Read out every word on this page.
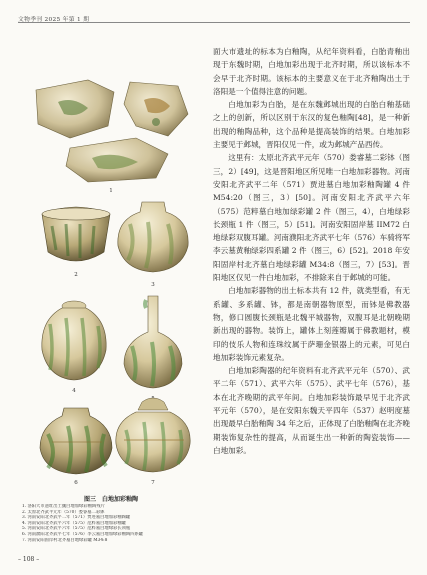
文物季刊 2025 年第 1 期
1
2
3
4
6	7
图三　白地加彩釉陶
1. 洛阳大市遗址出土魏白地加绿彩釉陶残片
2. 太原北齐武平元年（570）娄睿墓二彩钵
3. 河南安阳北齐武平二年（571）贾进墓白地加彩釉陶罐
4. 河南安阳北齐武平六年（575）范粹墓白地加彩釉罐
5. 河南安阳北齐武平六年（575）范粹墓白地绿彩长颈瓶
6. 河南濮阳北齐武平七年（576）李云墓白地加绿彩釉陶四系罐
7. 河南安阳固岸村北齐墓白地绿彩罐 M34:8

面大市遗址的标本为白釉陶，从纪年资料看，白胎青釉出现于东魏时期，白地加彩出现于北齐时期，所以该标本不会早于北齐时期。该标本的主要意义在于北齐釉陶出土于洛阳是一个值得注意的问题。

白地加彩为白胎，是在东魏邺城出现的白胎白釉基础之上的创新，所以区别于东汉的复色釉陶[48]，是一种新出现的釉陶品种，这个品种是提高装饰的结果。白地加彩主要见于邺城，晋阳仅见一件，或为邺城产品西传。

这里有：太原北齐武平元年（570）娄睿墓二彩钵（图三，2）[49]，这是晋阳地区所见唯一白地加彩器物。河南安阳北齐武平二年（571）贾进墓白地加彩釉陶罐 4 件 M54:20（图三，3）[50]。河南安阳北齐武平六年（575）范粹墓白地加绿彩罐 2 件（图三，4），白地绿彩长颈瓶 1 件（图三，5）[51]。河南安阳固岸墓 IIM72 白地绿彩双腹耳罐。河南濮阳北齐武平七年（576）车骑将军李云墓黄釉绿彩四系罐 2 件（图三，6）[52]。2018 年安阳固岸村北齐墓白地绿彩罐 M34:8（图三，7）[53]。晋阳地区仅见一件白地加彩，不排除来自于邺城的可能。

白地加彩器物的出土标本共有 12 件，就类型看，有无系罐、多系罐、钵，都是南朝器物原型，而钵是佛教器物，修口圆腹长颈瓶是北魏平城器物，双腹耳是北朝晚期新出现的器物。装饰上，罐体上刻莲瓣属于佛教题材，模印的伎乐人物和连珠纹属于萨珊金银器上的元素，可见白地加彩装饰元素复杂。

白地加彩陶器的纪年资料有北齐武平元年（570）、武平二年（571）、武平六年（575）、武平七年（576），基本在北齐晚期的武平年间。白地加彩装饰最早见于北齐武平元年（570），是在安阳东魏天平四年（537）赵明度墓出现最早白胎釉陶 34 年之后，正体现了白胎釉陶在北齐晚期装饰复杂性的提高，从而诞生出一种新的陶瓷装饰——白地加彩。

– 108 –
